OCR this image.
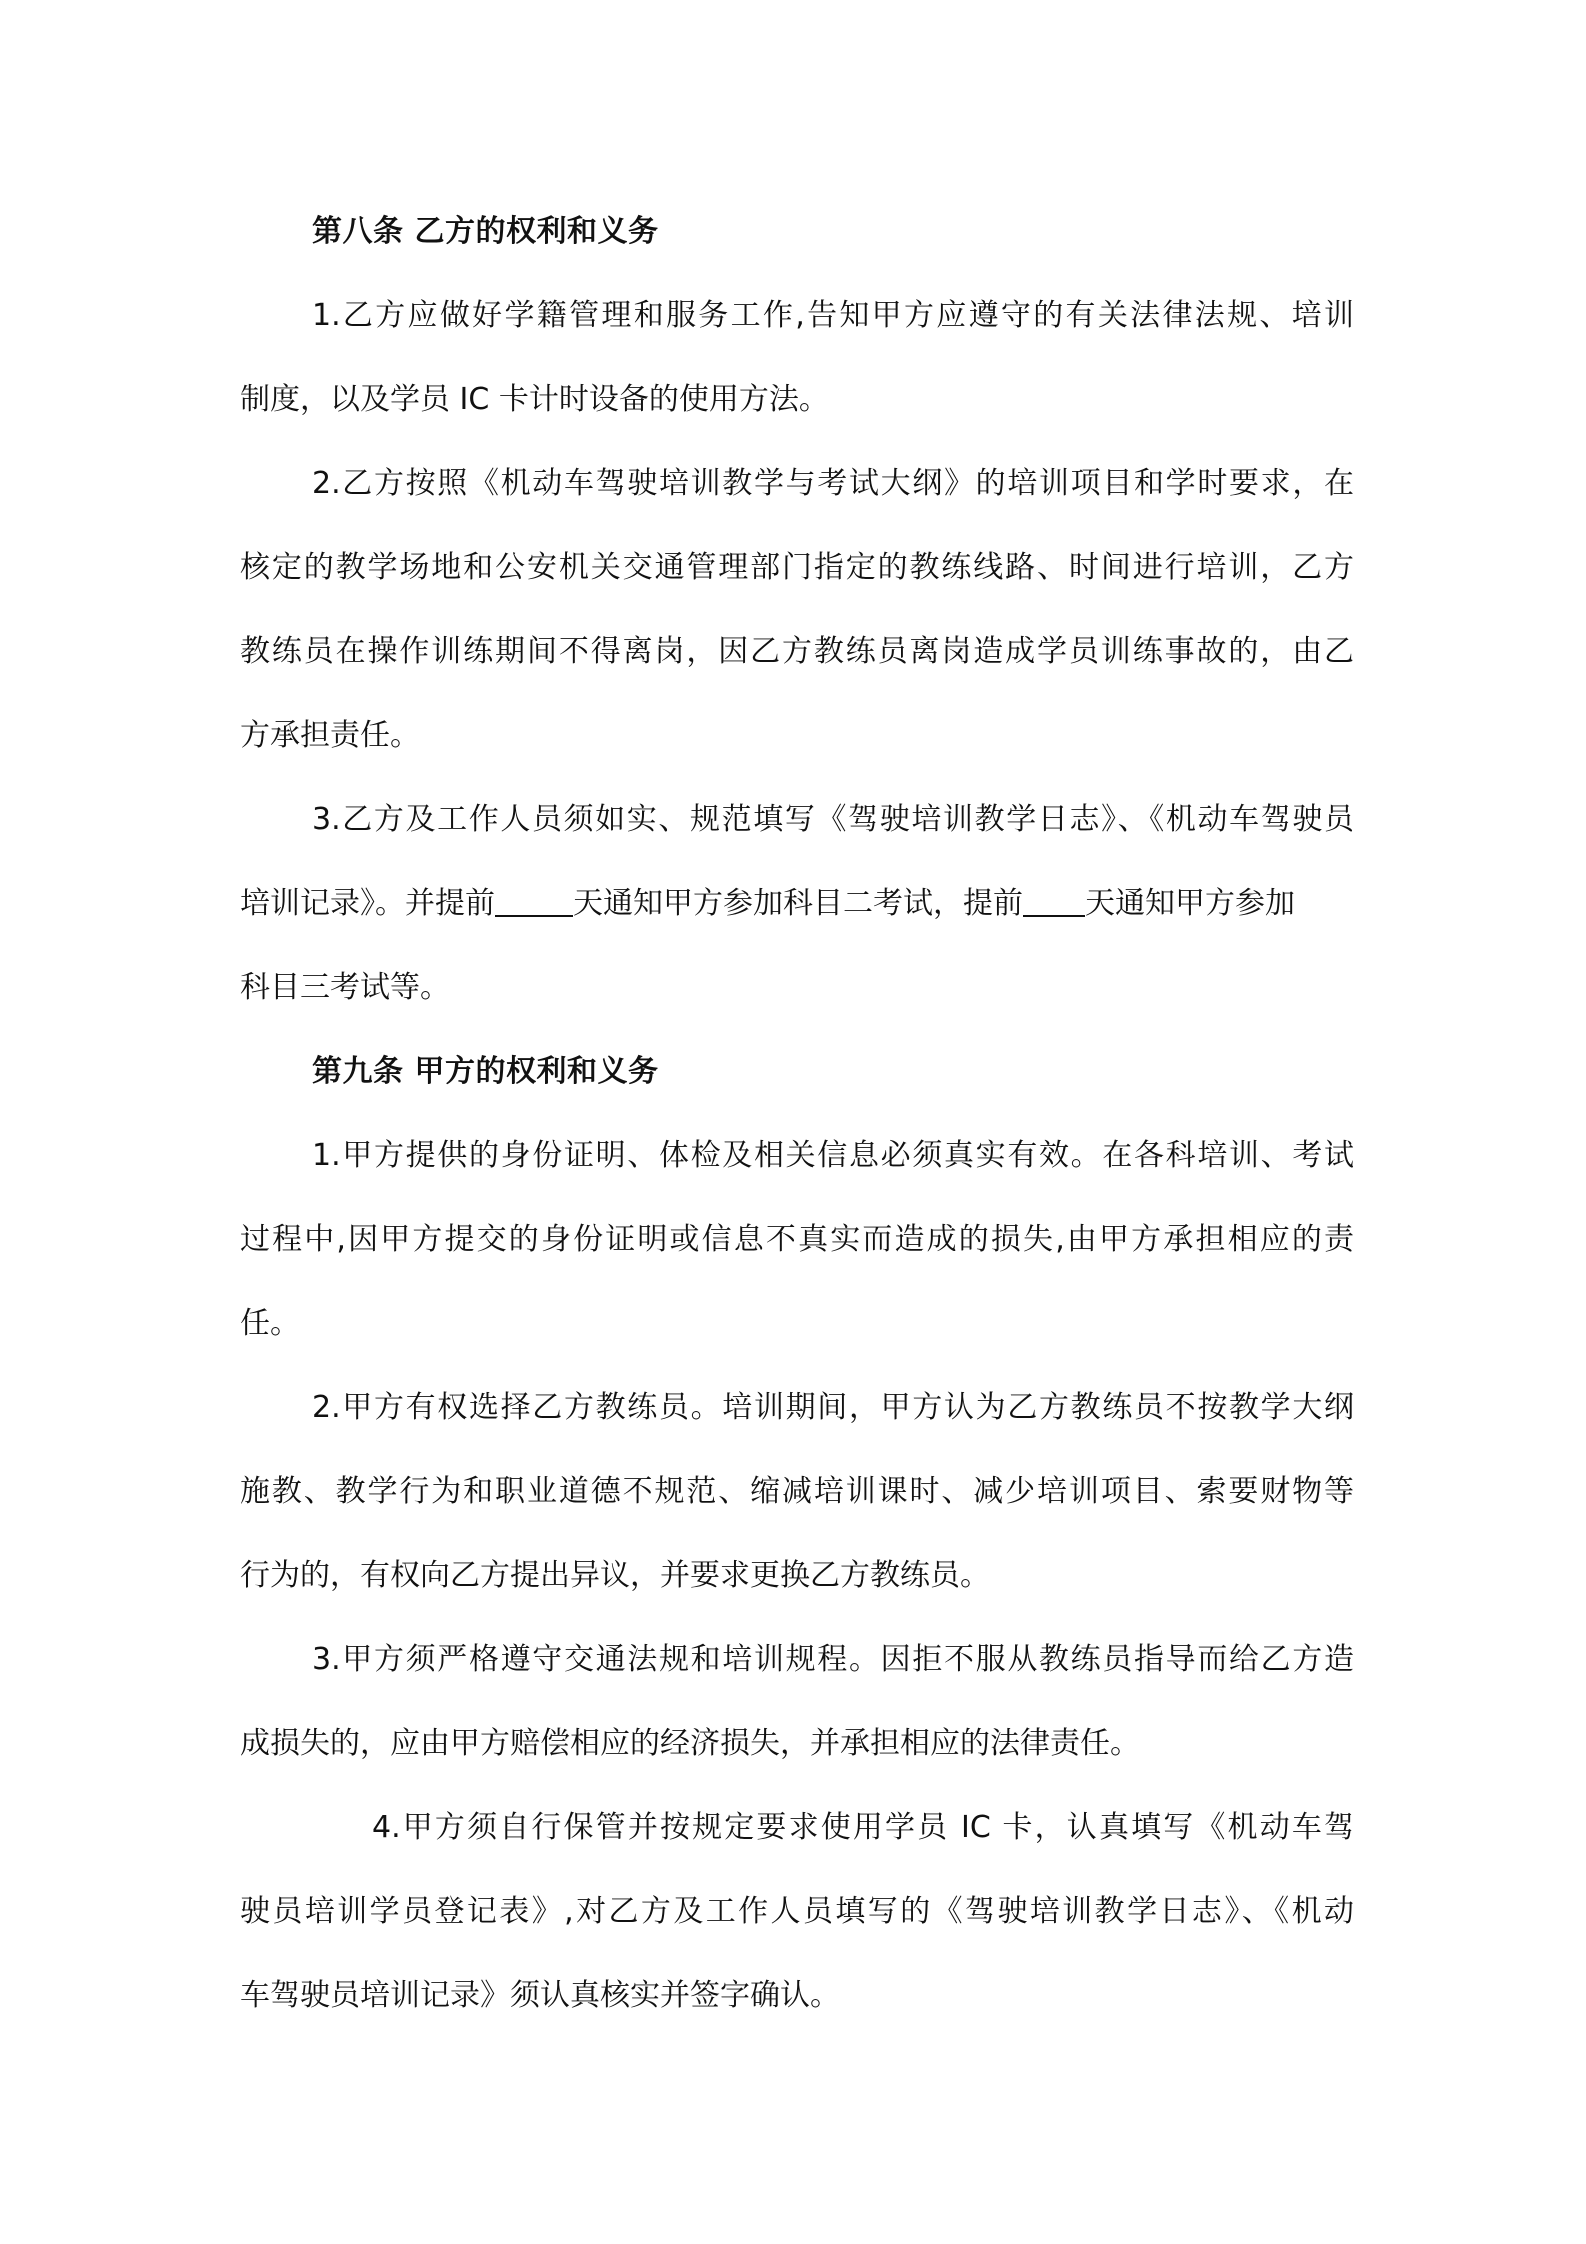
第八条 乙方的权利和义务
1.乙方应做好学籍管理和服务工作,告知甲方应遵守的有关法律法规、培训
制度，以及学员 IC 卡计时设备的使用方法。
2.乙方按照《机动车驾驶培训教学与考试大纲》的培训项目和学时要求，在
核定的教学场地和公安机关交通管理部门指定的教练线路、时间进行培训，乙方
教练员在操作训练期间不得离岗，因乙方教练员离岗造成学员训练事故的，由乙
方承担责任。
3.乙方及工作人员须如实、规范填写《驾驶培训教学日志》、《机动车驾驶员
培训记录》。并提前	天通知甲方参加科目二考试，提前 天通知甲方参加
科目三考试等。
第九条 甲方的权利和义务
1.甲方提供的身份证明、体检及相关信息必须真实有效。在各科培训、考试
过程中,因甲方提交的身份证明或信息不真实而造成的损失,由甲方承担相应的责
任。
2.甲方有权选择乙方教练员。培训期间，甲方认为乙方教练员不按教学大纲
施教、教学行为和职业道德不规范、缩减培训课时、减少培训项目、索要财物等
行为的，有权向乙方提出异议，并要求更换乙方教练员。
3.甲方须严格遵守交通法规和培训规程。因拒不服从教练员指导而给乙方造
成损失的，应由甲方赔偿相应的经济损失，并承担相应的法律责任。
4.甲方须自行保管并按规定要求使用学员 IC 卡，认真填写《机动车驾
驶员培训学员登记表》,对乙方及工作人员填写的《驾驶培训教学日志》、《机动
车驾驶员培训记录》须认真核实并签字确认。
